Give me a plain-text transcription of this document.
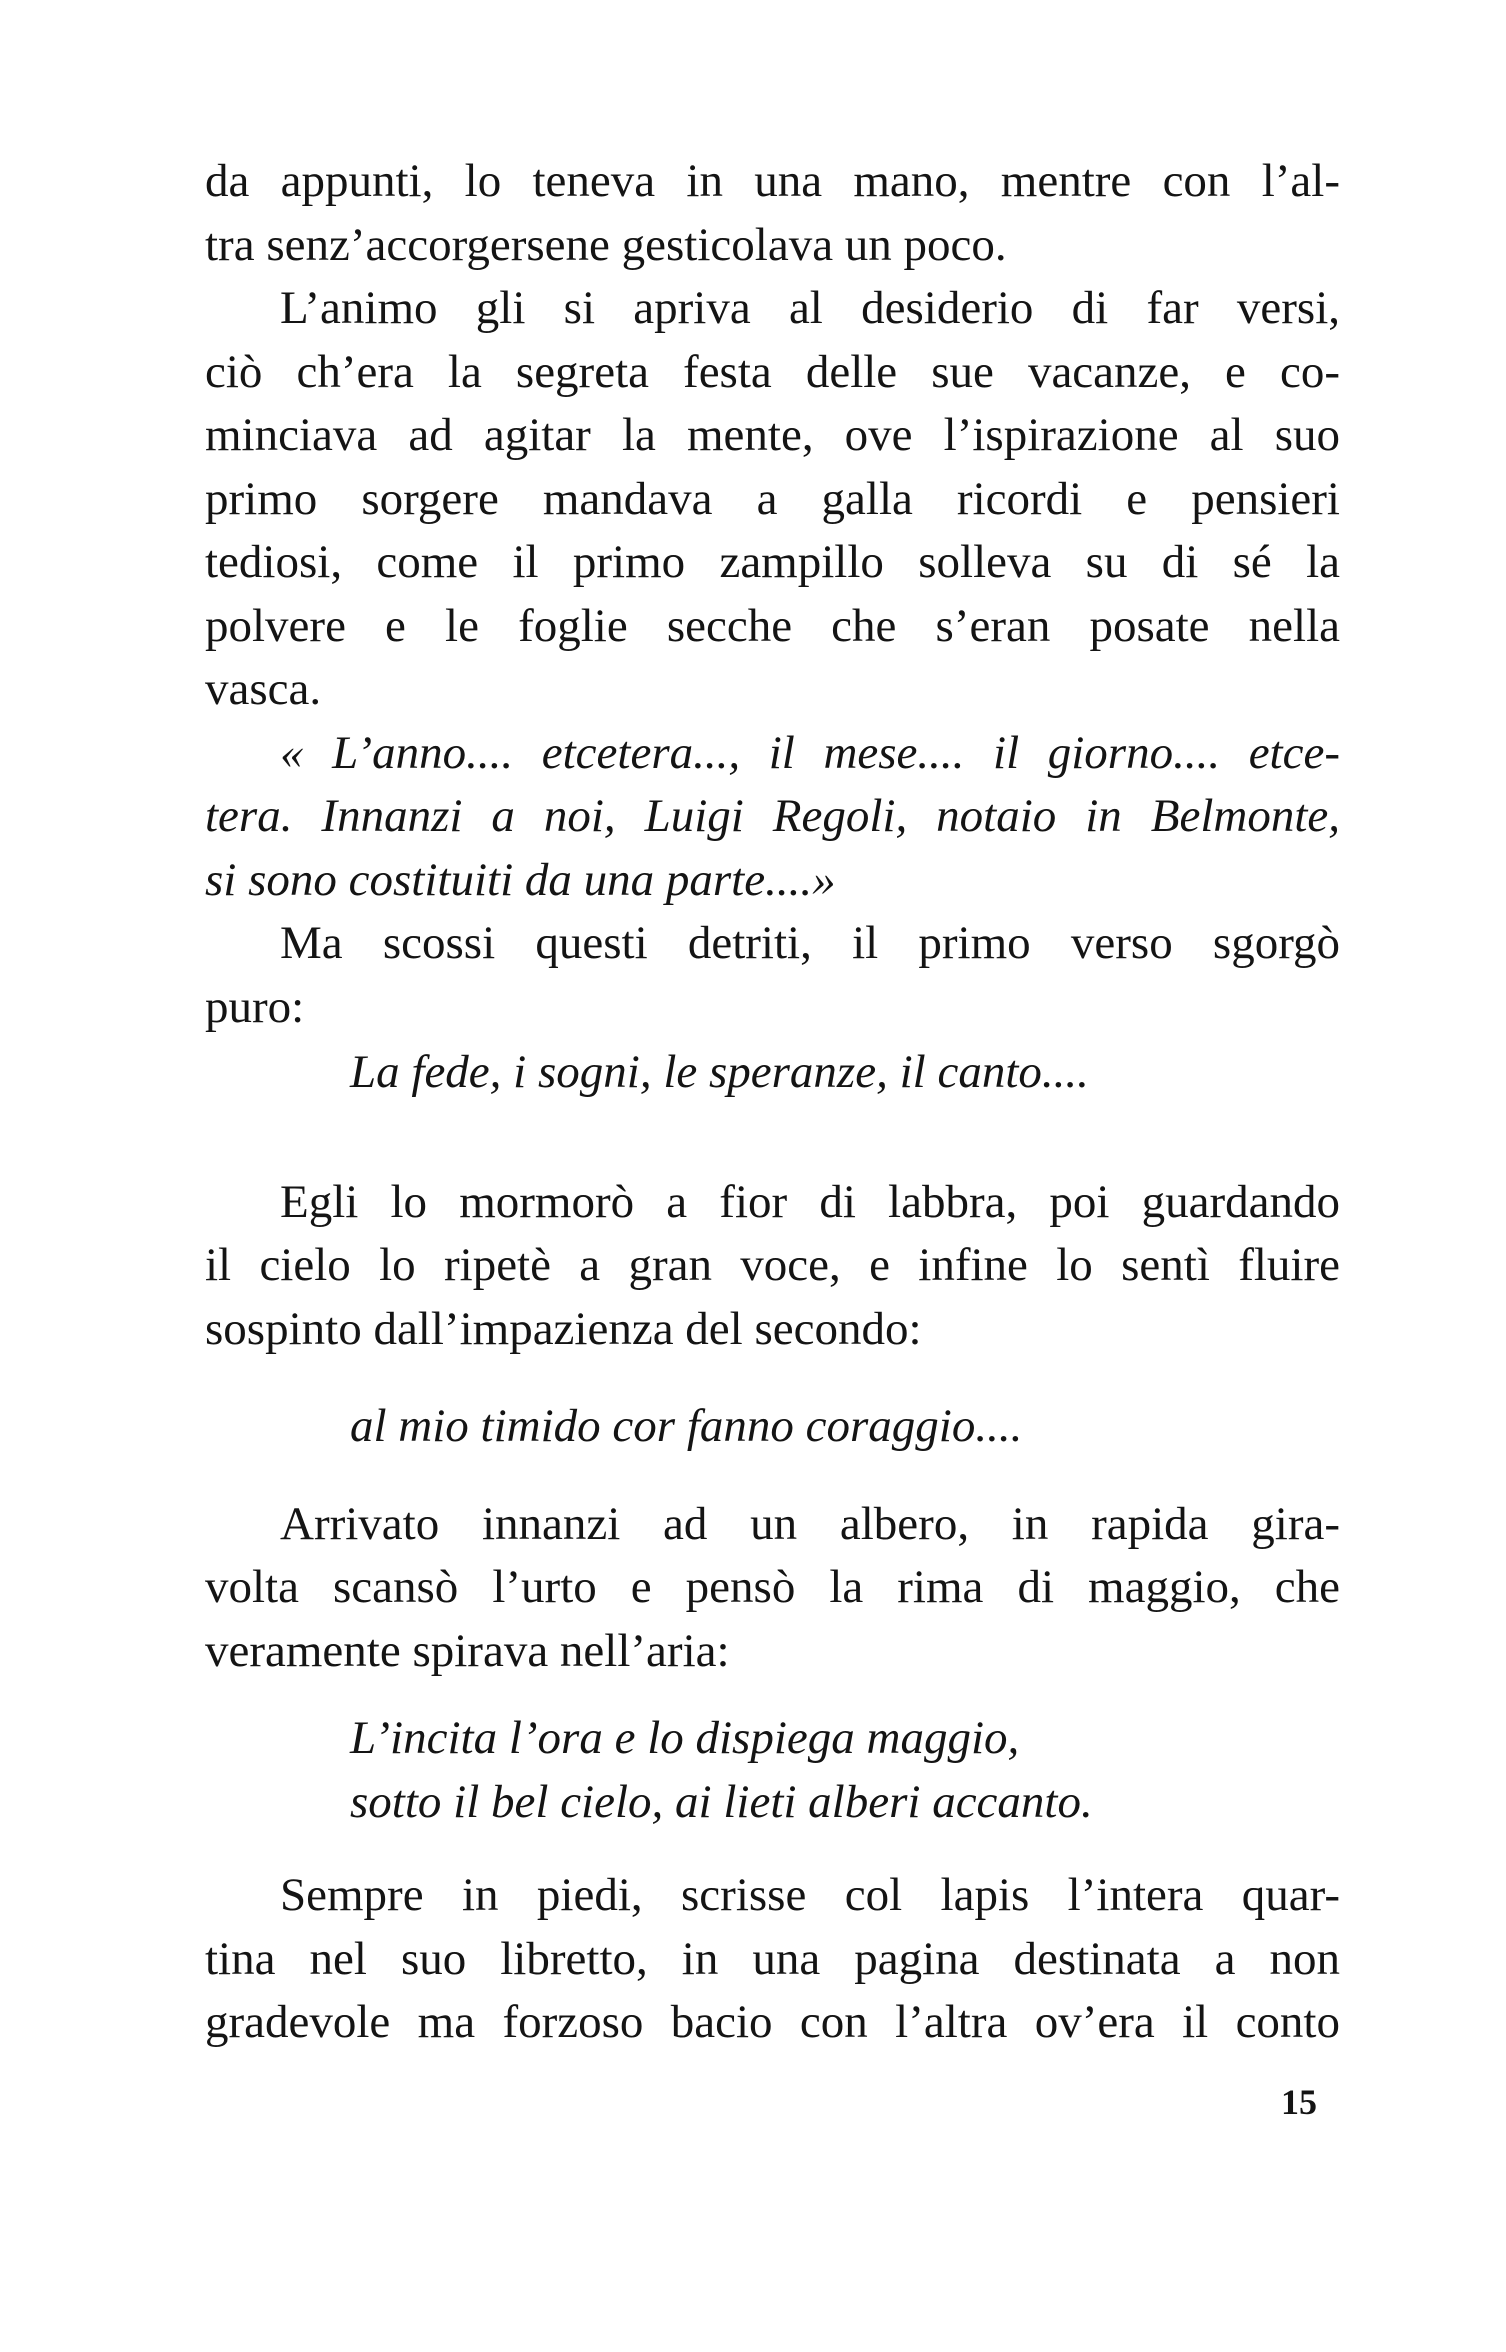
da appunti, lo teneva in una mano, mentre con l’al-
tra senz’accorgersene gesticolava un poco.

L’animo gli si apriva al desiderio di far versi,
ciò ch’era la segreta festa delle sue vacanze, e co-
minciava ad agitar la mente, ove l’ispirazione al suo
primo sorgere mandava a galla ricordi e pensieri
tediosi, come il primo zampillo solleva su di sé la
polvere e le foglie secche che s’eran posate nella
vasca.

« L’anno.... etcetera..., il mese.... il giorno.... etce-
tera. Innanzi a noi, Luigi Regoli, notaio in Belmonte,
si sono costituiti da una parte....»

Ma scossi questi detriti, il primo verso sgorgò
puro:

La fede, i sogni, le speranze, il canto....

Egli lo mormorò a fior di labbra, poi guardando
il cielo lo ripetè a gran voce, e infine lo sentì fluire
sospinto dall’impazienza del secondo:

al mio timido cor fanno coraggio....

Arrivato innanzi ad un albero, in rapida gira-
volta scansò l’urto e pensò la rima di maggio, che
veramente spirava nell’aria:

L’incita l’ora e lo dispiega maggio,
sotto il bel cielo, ai lieti alberi accanto.

Sempre in piedi, scrisse col lapis l’intera quar-
tina nel suo libretto, in una pagina destinata a non
gradevole ma forzoso bacio con l’altra ov’era il conto

15
